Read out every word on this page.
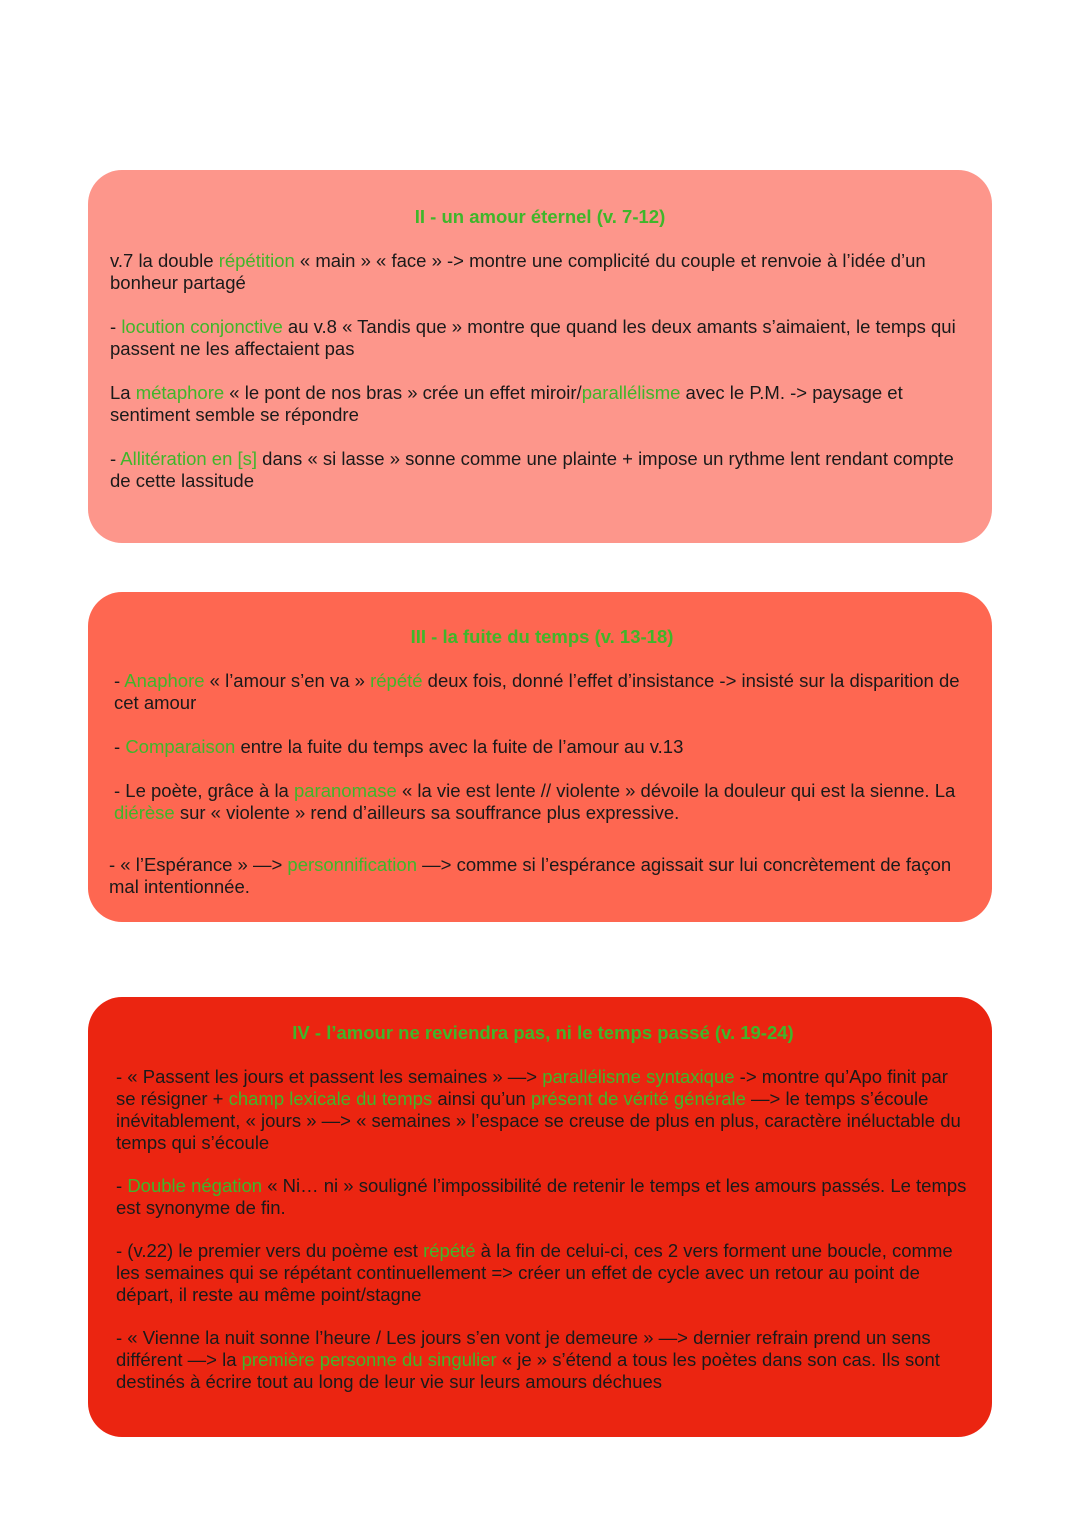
II - un amour éternel (v. 7-12)

v.7 la double répétition « main » « face » -> montre une complicité du couple et renvoie à l’idée d’un bonheur partagé

- locution conjonctive au v.8 « Tandis que » montre que quand les deux amants s’aimaient, le temps qui passent ne les affectaient pas

La métaphore « le pont de nos bras » crée un effet miroir/parallélisme avec le P.M. -> paysage et sentiment semble se répondre

- Allitération en [s] dans « si lasse » sonne comme une plainte + impose un rythme lent rendant compte de cette lassitude

III - la fuite du temps (v. 13-18)

- Anaphore « l’amour s’en va » répété deux fois, donné l’effet d’insistance -> insisté sur la disparition de cet amour

- Comparaison entre la fuite du temps avec la fuite de l’amour au v.13

- Le poète, grâce à la paranomase « la vie est lente // violente » dévoile la douleur qui est la sienne. La diérèse sur « violente » rend d’ailleurs sa souffrance plus expressive.

- « l’Espérance » —> personnification —> comme si l’espérance agissait sur lui concrètement de façon mal intentionnée.

IV - l’amour ne reviendra pas, ni le temps passé (v. 19-24)

- « Passent les jours et passent les semaines » —> parallélisme syntaxique -> montre qu’Apo finit par se résigner + champ lexicale du temps ainsi qu’un présent de vérité générale —> le temps s’écoule inévitablement, « jours » —> « semaines » l’espace se creuse de plus en plus, caractère inéluctable du temps qui s’écoule

- Double négation « Ni… ni » souligné l’impossibilité de retenir le temps et les amours passés. Le temps est synonyme de fin.

- (v.22) le premier vers du poème est répété à la fin de celui-ci, ces 2 vers forment une boucle, comme les semaines qui se répétant continuellement => créer un effet de cycle avec un retour au point de départ, il reste au même point/stagne

- « Vienne la nuit sonne l’heure / Les jours s’en vont je demeure » —> dernier refrain prend un sens différent —> la première personne du singulier « je » s’étend a tous les poètes dans son cas. Ils sont destinés à écrire tout au long de leur vie sur leurs amours déchues
